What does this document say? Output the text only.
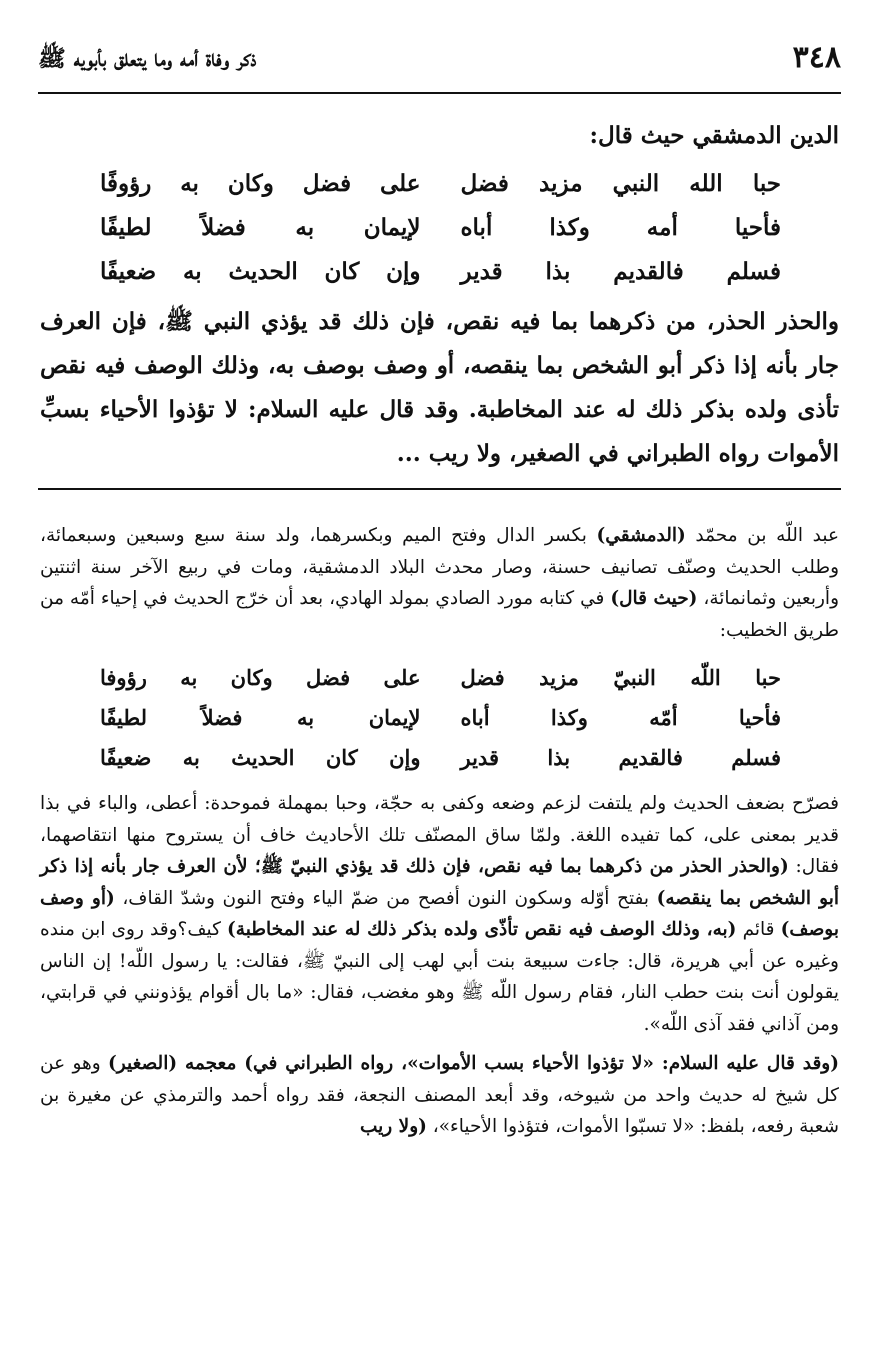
٣٤٨
ذكر وفاة أمه وما يتعلق بأبويه ﷺ

الدين الدمشقي حيث قال:

حبا الله النبي مزيد فضل
على فضل وكان به رؤوفًا
فأحيا أمه وكذا أباه
لإيمان به فضلاً لطيفًا
فسلم فالقديم بذا قدير
وإن كان الحديث به ضعيفًا

والحذر الحذر، من ذكرهما بما فيه نقص، فإن ذلك قد يؤذي النبي ﷺ، فإن العرف جار بأنه إذا ذكر أبو الشخص بما ينقصه، أو وصف بوصف به، وذلك الوصف فيه نقص تأذى ولده بذكر ذلك له عند المخاطبة. وقد قال عليه السلام: لا تؤذوا الأحياء بسبِّ الأموات رواه الطبراني في الصغير، ولا ريب ...

عبد اللّه بن محمّد (الدمشقي) بكسر الدال وفتح الميم وبكسرهما، ولد سنة سبع وسبعين وسبعمائة، وطلب الحديث وصنّف تصانيف حسنة، وصار محدث البلاد الدمشقية، ومات في ربيع الآخر سنة اثنتين وأربعين وثمانمائة، (حيث قال) في كتابه مورد الصادي بمولد الهادي، بعد أن خرّج الحديث في إحياء أمّه من طريق الخطيب:

حبا اللّه النبيّ مزيد فضل
على فضل وكان به رؤوفا
فأحيا أمّه وكذا أباه
لإيمان به فضلاً لطيفًا
فسلم فالقديم بذا قدير
وإن كان الحديث به ضعيفًا

فصرّح بضعف الحديث ولم يلتفت لزعم وضعه وكفى به حجّة، وحبا بمهملة فموحدة: أعطى، والباء في بذا قدير بمعنى على، كما تفيده اللغة. ولمّا ساق المصنّف تلك الأحاديث خاف أن يستروح منها انتقاصهما، فقال: (والحذر الحذر من ذكرهما بما فيه نقص، فإن ذلك قد يؤذي النبيّ ﷺ؛ لأن العرف جار بأنه إذا ذكر أبو الشخص بما ينقصه) بفتح أوّله وسكون النون أفصح من ضمّ الياء وفتح النون وشدّ القاف، (أو وصف بوصف) قائم (به، وذلك الوصف فيه نقص تأذّى ولده بذكر ذلك له عند المخاطبة) كيف؟وقد روى ابن منده وغيره عن أبي هريرة، قال: جاءت سبيعة بنت أبي لهب إلى النبيّ ﷺ، فقالت: يا رسول اللّه! إن الناس يقولون أنت بنت حطب النار، فقام رسول اللّه ﷺ وهو مغضب، فقال: «ما بال أقوام يؤذونني في قرابتي، ومن آذاني فقد آذى اللّه».

(وقد قال عليه السلام: «لا تؤذوا الأحياء بسب الأموات»، رواه الطبراني في) معجمه (الصغير) وهو عن كل شيخ له حديث واحد من شيوخه، وقد أبعد المصنف النجعة، فقد رواه أحمد والترمذي عن مغيرة بن شعبة رفعه، بلفظ: «لا تسبّوا الأموات، فتؤذوا الأحياء»، (ولا ريب
